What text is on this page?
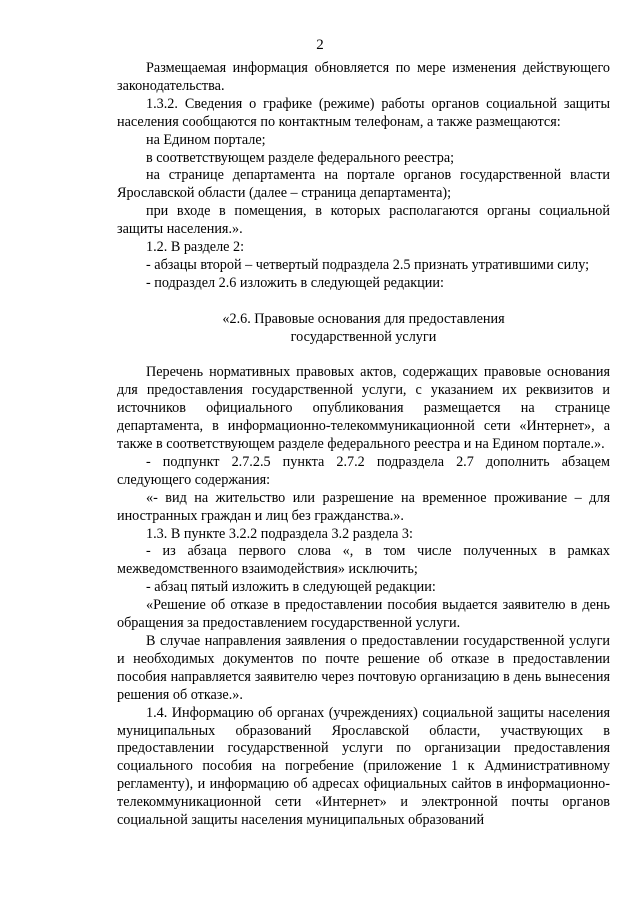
2

Размещаемая информация обновляется по мере изменения действующего законодательства.

1.3.2. Сведения о графике (режиме) работы органов социальной защиты населения сообщаются по контактным телефонам, а также размещаются:

на Едином портале;

в соответствующем разделе федерального реестра;

на странице департамента на портале органов государственной власти Ярославской области (далее – страница департамента);

при входе в помещения, в которых располагаются органы социальной защиты населения.».

1.2. В разделе 2:

- абзацы второй – четвертый подраздела 2.5 признать утратившими силу;

- подраздел 2.6 изложить в следующей редакции:

«2.6. Правовые основания для предоставления
государственной услуги

Перечень нормативных правовых актов, содержащих правовые основания для предоставления государственной услуги, с указанием их реквизитов и источников официального опубликования размещается на странице департамента, в информационно-телекоммуникационной сети «Интернет», а также в соответствующем разделе федерального реестра и на Едином портале.».

- подпункт 2.7.2.5 пункта 2.7.2 подраздела 2.7 дополнить абзацем следующего содержания:

«- вид на жительство или разрешение на временное проживание – для иностранных граждан и лиц без гражданства.».

1.3. В пункте 3.2.2 подраздела 3.2 раздела 3:

- из абзаца первого слова «, в том числе полученных в рамках межведомственного взаимодействия» исключить;

- абзац пятый изложить в следующей редакции:

«Решение об отказе в предоставлении пособия выдается заявителю в день обращения за предоставлением государственной услуги.

В случае направления заявления о предоставлении государственной услуги и необходимых документов по почте решение об отказе в предоставлении пособия направляется заявителю через почтовую организацию в день вынесения решения об отказе.».

1.4. Информацию об органах (учреждениях) социальной защиты населения муниципальных образований Ярославской области, участвующих в предоставлении государственной услуги по организации предоставления социального пособия на погребение (приложение 1 к Административному регламенту), и информацию об адресах официальных сайтов в информационно-телекоммуникационной сети «Интернет» и электронной почты органов социальной защиты населения муниципальных образований
